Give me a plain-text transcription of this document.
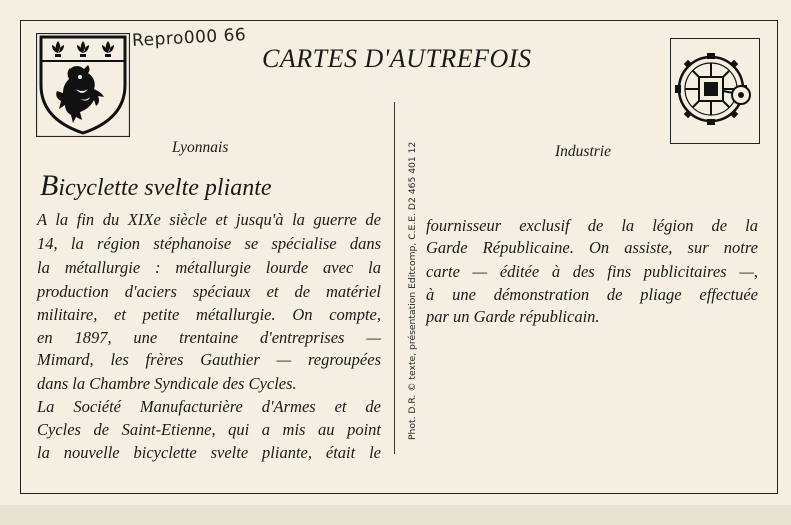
Repro000 66
CARTES D'AUTREFOIS
Lyonnais	Industrie
Phot. D.R. © texte, présentation Editcomp, C.E.E. D2 465 401 12
Bicyclette svelte pliante
A la fin du XIXe siècle et jusqu'à la guerre de
14, la région stéphanoise se spécialise dans
la métallurgie : métallurgie lourde avec la
production d'aciers spéciaux et de matériel
militaire, et petite métallurgie. On compte,
en 1897, une trentaine d'entreprises —
Mimard, les frères Gauthier — regroupées
dans la Chambre Syndicale des Cycles.
La Société Manufacturière d'Armes et de
Cycles de Saint-Etienne, qui a mis au point
la nouvelle bicyclette svelte pliante, était le
fournisseur exclusif de la légion de la
Garde Républicaine. On assiste, sur notre
carte — éditée à des fins publicitaires —,
à une démonstration de pliage effectuée
par un Garde républicain.
